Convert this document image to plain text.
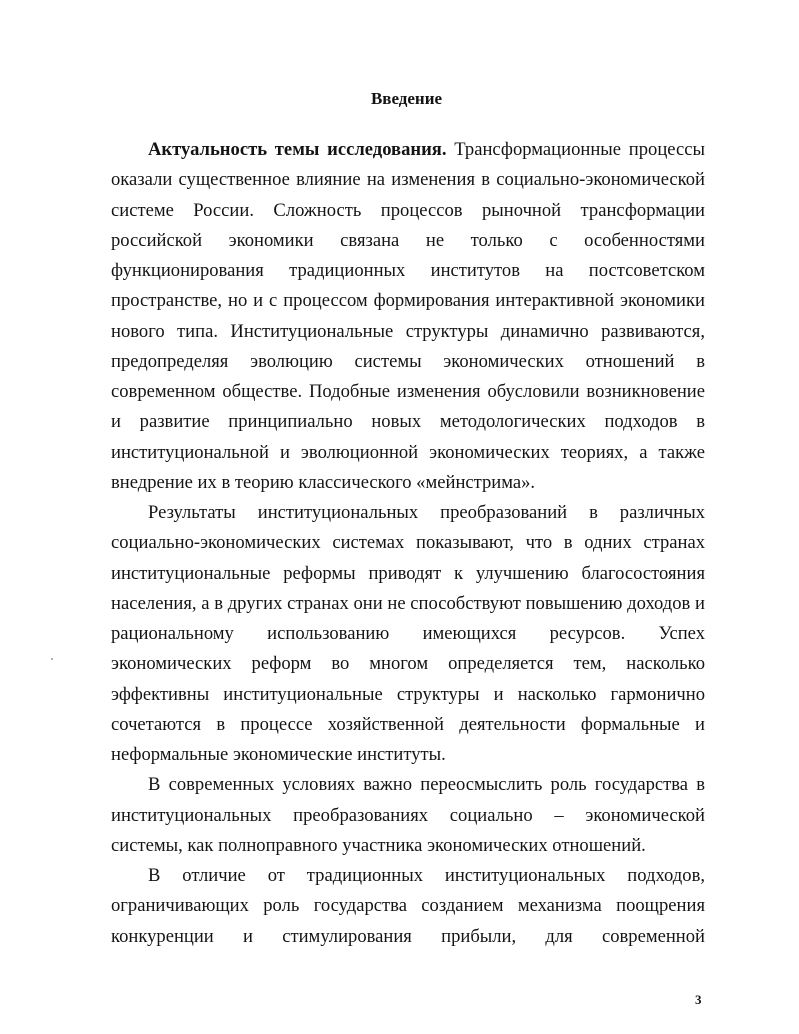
Введение

Актуальность темы исследования. Трансформационные процессы оказали существенное влияние на изменения в социально-экономической системе России. Сложность процессов рыночной трансформации российской экономики связана не только с особенностями функционирования традиционных институтов на постсоветском пространстве, но и с процессом формирования интерактивной экономики нового типа. Институциональные структуры динамично развиваются, предопределяя эволюцию системы экономических отношений в современном обществе. Подобные изменения обусловили возникновение и развитие принципиально новых методологических подходов в институциональной и эволюционной экономических теориях, а также внедрение их в теорию классического «мейнстрима».

Результаты институциональных преобразований в различных социально-экономических системах показывают, что в одних странах институциональные реформы приводят к улучшению благосостояния населения, а в других странах они не способствуют повышению доходов и рациональному использованию имеющихся ресурсов. Успех экономических реформ во многом определяется тем, насколько эффективны институциональные структуры и насколько гармонично сочетаются в процессе хозяйственной деятельности формальные и неформальные экономические институты.

В современных условиях важно переосмыслить роль государства в институциональных преобразованиях социально – экономической системы, как полноправного участника экономических отношений.

В отличие от традиционных институциональных подходов, ограничивающих роль государства созданием механизма поощрения конкуренции и стимулирования прибыли, для современной

3
